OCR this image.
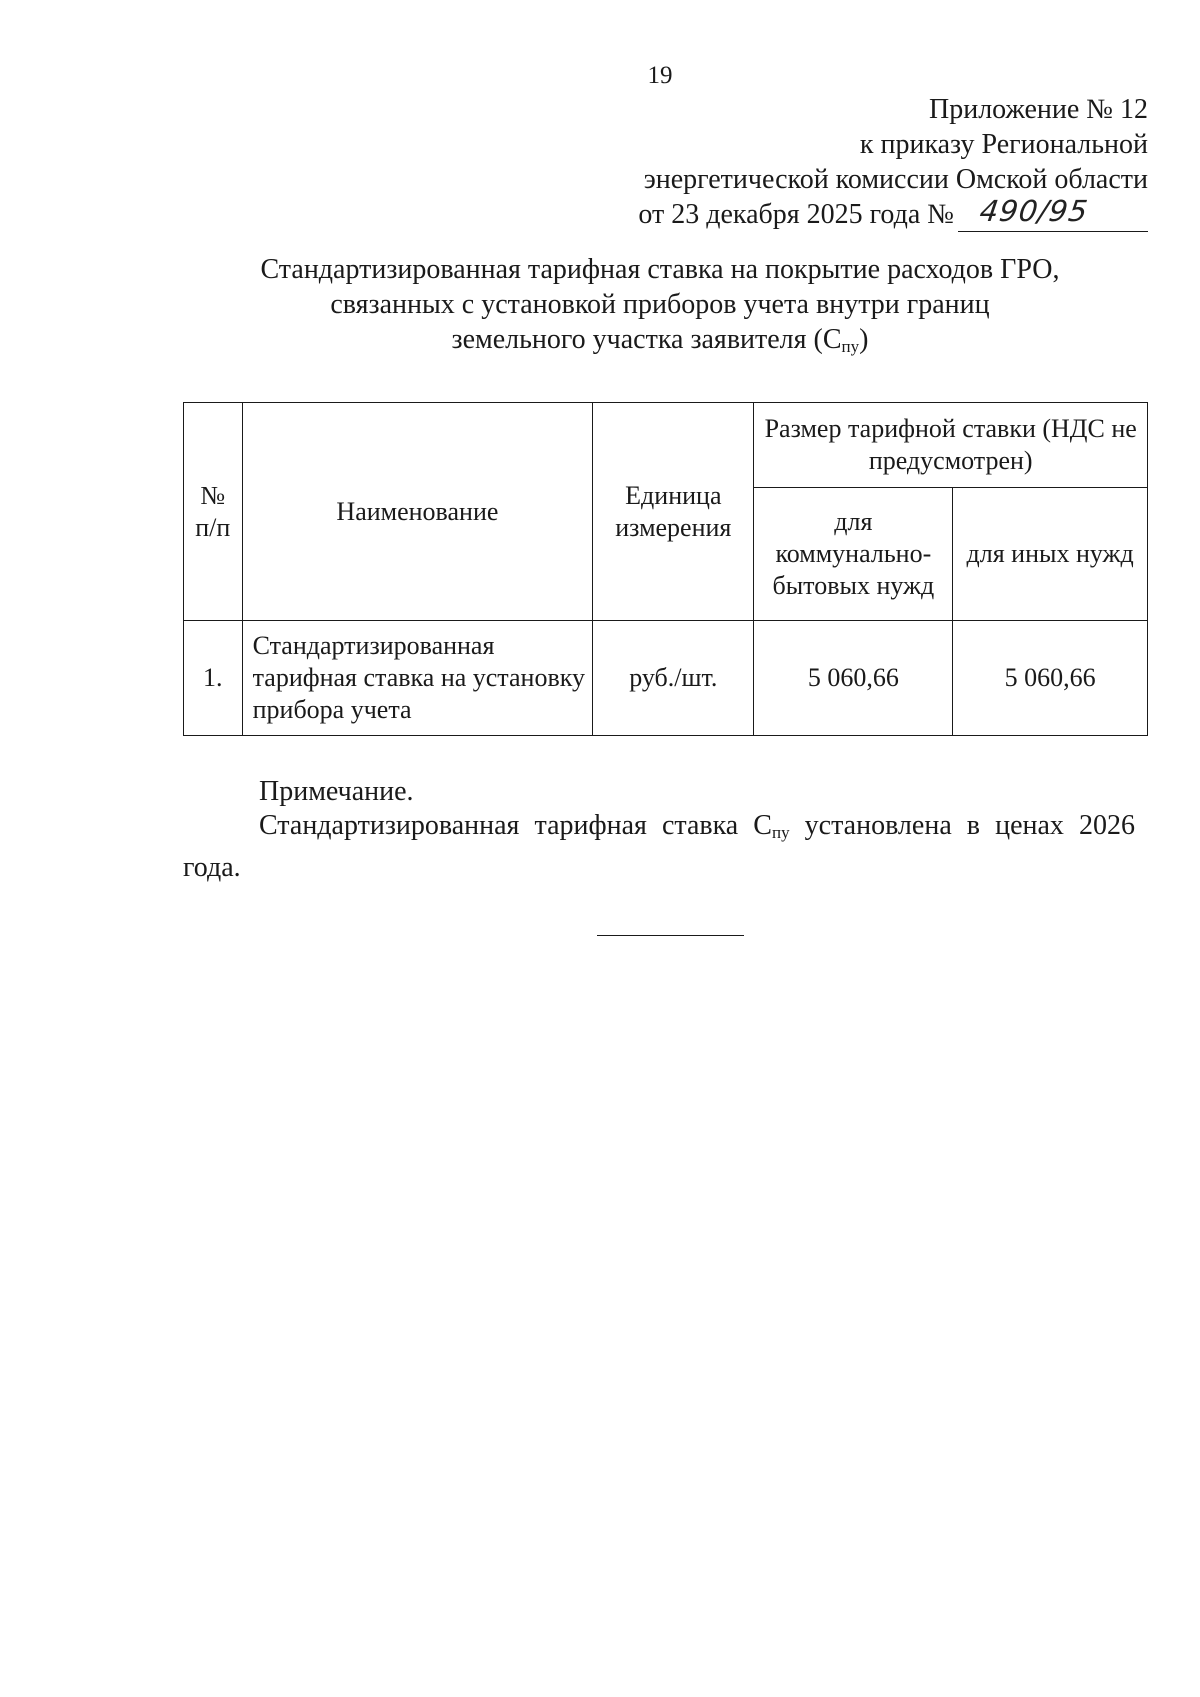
19
Приложение № 12
к приказу Региональной
энергетической комиссии Омской области
от 23 декабря 2025 года № 490/95
Стандартизированная тарифная ставка на покрытие расходов ГРО,
связанных с установкой приборов учета внутри границ
земельного участка заявителя $(С_{пу})$
№ п/п	Наименование	Единица измерения	Размер тарифной ставки (НДС не предусмотрен)	
			для коммунально-бытовых нужд	для иных нужд
1.	Стандартизированная тарифная ставка на установку прибора учета	руб./шт.	5 060,66	5 060,66
Примечание.
Стандартизированная тарифная ставка $С_{пу}$ установлена в ценах 2026 года.
